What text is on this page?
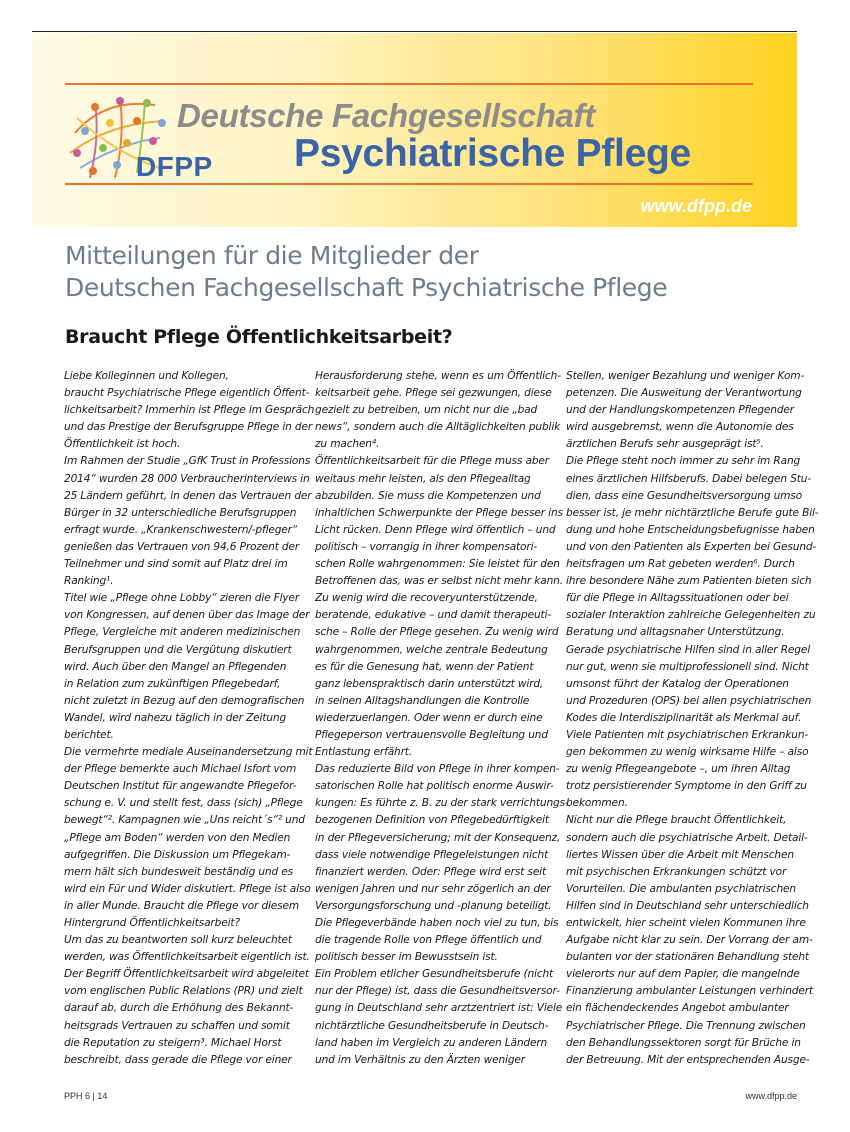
DFPP
Deutsche Fachgesellschaft
Psychiatrische Pflege
www.dfpp.de
Mitteilungen für die Mitglieder der
Deutschen Fachgesellschaft Psychiatrische Pflege
Braucht Pflege Öffentlichkeitsarbeit?
Liebe Kolleginnen und Kollegen,
braucht Psychiatrische Pflege eigentlich Öffent-
lichkeitsarbeit? Immerhin ist Pflege im Gespräch
und das Prestige der Berufsgruppe Pflege in der
Öffentlichkeit ist hoch.
Im Rahmen der Studie „GfK Trust in Professions
2014“ wurden 28 000 Verbraucherinterviews in
25 Ländern geführt, in denen das Vertrauen der
Bürger in 32 unterschiedliche Berufsgruppen
erfragt wurde. „Krankenschwestern/-pfleger“
genießen das Vertrauen von 94,6 Prozent der
Teilnehmer und sind somit auf Platz drei im
Ranking¹.
Titel wie „Pflege ohne Lobby“ zieren die Flyer
von Kongressen, auf denen über das Image der
Pflege, Vergleiche mit anderen medizinischen
Berufsgruppen und die Vergütung diskutiert
wird. Auch über den Mangel an Pflegenden
in Relation zum zukünftigen Pflegebedarf,
nicht zuletzt in Bezug auf den demografischen
Wandel, wird nahezu täglich in der Zeitung
berichtet.
Die vermehrte mediale Auseinandersetzung mit
der Pflege bemerkte auch Michael Isfort vom
Deutschen Institut für angewandte Pflegefor-
schung e. V. und stellt fest, dass (sich) „Pflege
bewegt“². Kampagnen wie „Uns reicht´s“² und
„Pflege am Boden“ werden von den Medien
aufgegriffen. Die Diskussion um Pflegekam-
mern hält sich bundesweit beständig und es
wird ein Für und Wider diskutiert. Pflege ist also
in aller Munde. Braucht die Pflege vor diesem
Hintergrund Öffentlichkeitsarbeit?
Um das zu beantworten soll kurz beleuchtet
werden, was Öffentlichkeitsarbeit eigentlich ist.
Der Begriff Öffentlichkeitsarbeit wird abgeleitet
vom englischen Public Relations (PR) und zielt
darauf ab, durch die Erhöhung des Bekannt-
heitsgrads Vertrauen zu schaffen und somit
die Reputation zu steigern³. Michael Horst
beschreibt, dass gerade die Pflege vor einer
Herausforderung stehe, wenn es um Öffentlich-
keitsarbeit gehe. Pflege sei gezwungen, diese
gezielt zu betreiben, um nicht nur die „bad
news“, sondern auch die Alltäglichkeiten publik
zu machen⁴.
Öffentlichkeitsarbeit für die Pflege muss aber
weitaus mehr leisten, als den Pflegealltag
abzubilden. Sie muss die Kompetenzen und
inhaltlichen Schwerpunkte der Pflege besser ins
Licht rücken. Denn Pflege wird öffentlich – und
politisch – vorrangig in ihrer kompensatori-
schen Rolle wahrgenommen: Sie leistet für den
Betroffenen das, was er selbst nicht mehr kann.
Zu wenig wird die recoveryunterstützende,
beratende, edukative – und damit therapeuti-
sche – Rolle der Pflege gesehen. Zu wenig wird
wahrgenommen, welche zentrale Bedeutung
es für die Genesung hat, wenn der Patient
ganz lebenspraktisch darin unterstützt wird,
in seinen Alltagshandlungen die Kontrolle
wiederzuerlangen. Oder wenn er durch eine
Pflegeperson vertrauensvolle Begleitung und
Entlastung erfährt.
Das reduzierte Bild von Pflege in ihrer kompen-
satorischen Rolle hat politisch enorme Auswir-
kungen: Es führte z. B. zu der stark verrichtungs-
bezogenen Definition von Pflegebedürftigkeit
in der Pflegeversicherung; mit der Konsequenz,
dass viele notwendige Pflegeleistungen nicht
finanziert werden. Oder: Pflege wird erst seit
wenigen Jahren und nur sehr zögerlich an der
Versorgungsforschung und -planung beteiligt.
Die Pflegeverbände haben noch viel zu tun, bis
die tragende Rolle von Pflege öffentlich und
politisch besser im Bewusstsein ist.
Ein Problem etlicher Gesundheitsberufe (nicht
nur der Pflege) ist, dass die Gesundheitsversor-
gung in Deutschland sehr arztzentriert ist: Viele
nichtärztliche Gesundheitsberufe in Deutsch-
land haben im Vergleich zu anderen Ländern
und im Verhältnis zu den Ärzten weniger
Stellen, weniger Bezahlung und weniger Kom-
petenzen. Die Ausweitung der Verantwortung
und der Handlungskompetenzen Pflegender
wird ausgebremst, wenn die Autonomie des
ärztlichen Berufs sehr ausgeprägt ist⁵.
Die Pflege steht noch immer zu sehr im Rang
eines ärztlichen Hilfsberufs. Dabei belegen Stu-
dien, dass eine Gesundheitsversorgung umso
besser ist, je mehr nichtärztliche Berufe gute Bil-
dung und hohe Entscheidungsbefugnisse haben
und von den Patienten als Experten bei Gesund-
heitsfragen um Rat gebeten werden⁶. Durch
ihre besondere Nähe zum Patienten bieten sich
für die Pflege in Alltagssituationen oder bei
sozialer Interaktion zahlreiche Gelegenheiten zu
Beratung und alltagsnaher Unterstützung.
Gerade psychiatrische Hilfen sind in aller Regel
nur gut, wenn sie multiprofessionell sind. Nicht
umsonst führt der Katalog der Operationen
und Prozeduren (OPS) bei allen psychiatrischen
Kodes die Interdisziplinarität als Merkmal auf.
Viele Patienten mit psychiatrischen Erkrankun-
gen bekommen zu wenig wirksame Hilfe – also
zu wenig Pflegeangebote –, um ihren Alltag
trotz persistierender Symptome in den Griff zu
bekommen.
Nicht nur die Pflege braucht Öffentlichkeit,
sondern auch die psychiatrische Arbeit. Detail-
liertes Wissen über die Arbeit mit Menschen
mit psychischen Erkrankungen schützt vor
Vorurteilen. Die ambulanten psychiatrischen
Hilfen sind in Deutschland sehr unterschiedlich
entwickelt, hier scheint vielen Kommunen ihre
Aufgabe nicht klar zu sein. Der Vorrang der am-
bulanten vor der stationären Behandlung steht
vielerorts nur auf dem Papier, die mangelnde
Finanzierung ambulanter Leistungen verhindert
ein flächendeckendes Angebot ambulanter
Psychiatrischer Pflege. Die Trennung zwischen
den Behandlungssektoren sorgt für Brüche in
der Betreuung. Mit der entsprechenden Ausge-
PPH 6 | 14	www.dfpp.de
